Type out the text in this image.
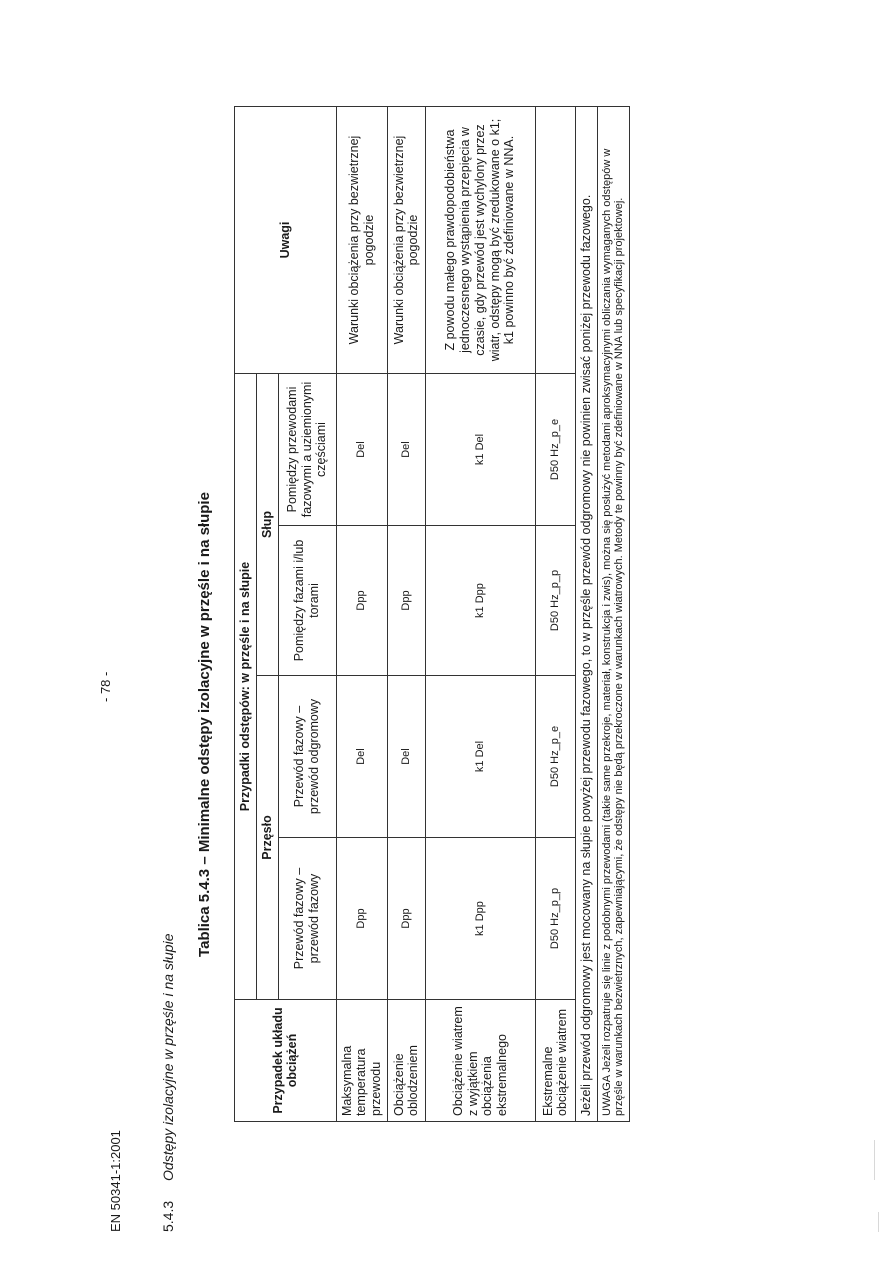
EN 50341-1:2001
- 78 -
5.4.3 Odstępy izolacyjne w przęśle i na słupie
Tablica 5.4.3 – Minimalne odstępy izolacyjne w przęśle i na słupie
Przypadek układu obciążeń	Przypadki odstępów: w przęśle i na słupie				Uwagi
	Przęsło		Słup		
	Przewód fazowy – przewód fazowy	Przewód fazowy – przewód odgromowy	Pomiędzy fazami i/lub torami	Pomiędzy przewodami fazowymi a uziemionymi częściami	
Maksymalna temperatura przewodu	Dpp	Del	Dpp	Del	Warunki obciążenia przy bezwietrznej pogodzie
Obciążenie oblodzeniem	Dpp	Del	Dpp	Del	Warunki obciążenia przy bezwietrznej pogodzie
Obciążenie wiatrem z wyjątkiem obciążenia ekstremalnego	k1 Dpp	k1 Del	k1 Dpp	k1 Del	Z powodu małego prawdopodobieństwa jednoczesnego wystąpienia przepięcia w czasie, gdy przewód jest wychylony przez wiatr, odstępy mogą być zredukowane o k1; k1 powinno być zdefiniowane w NNA.
Ekstremalne obciążenie wiatrem	D50 Hz_p_p	D50 Hz_p_e	D50 Hz_p_p	D50 Hz_p_e	
Jeżeli przewód odgromowy jest mocowany na słupie powyżej przewodu fazowego, to w przęśle przewód odgromowy nie powinien zwisać poniżej przewodu fazowego.					
UWAGA Jeżeli rozpatruje się linie z podobnymi przewodami (takie same przekroje, materiał, konstrukcja i zwis), można się posłużyć metodami aproksymacyjnymi obliczania wymaganych odstępów w przęśle w warunkach bezwietrznych, zapewniającymi, że odstępy nie będą przekroczone w warunkach wiatrowych. Metody te powinny być zdefiniowane w NNA lub specyfikacji projektowej.					
